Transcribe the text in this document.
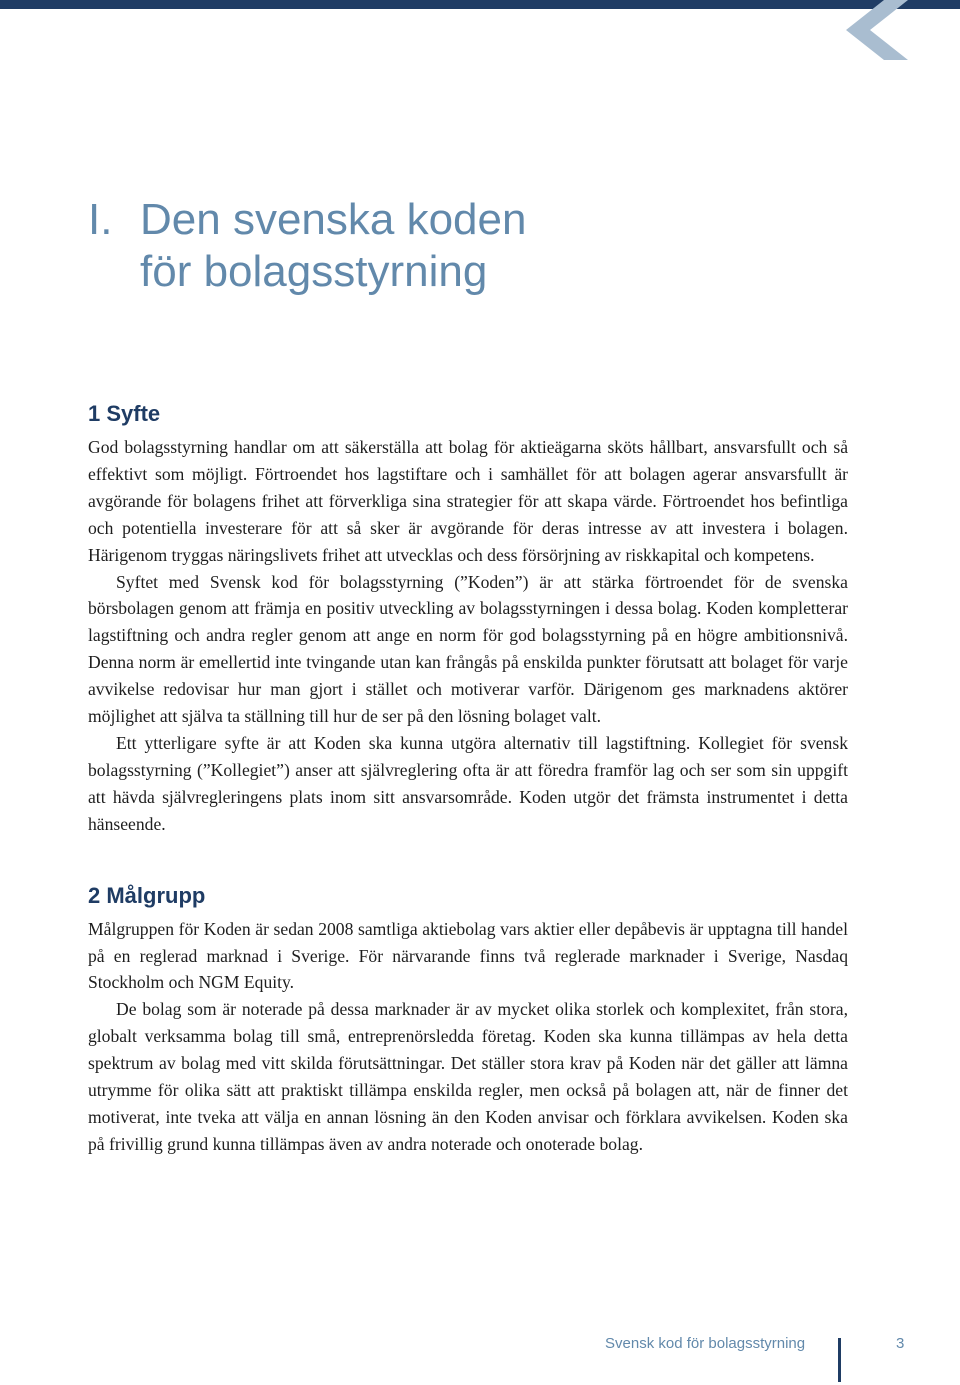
I. Den svenska koden
för bolagsstyrning
1 Syfte

God bolagsstyrning handlar om att säkerställa att bolag för aktieägarna sköts hållbart, ansvarsfullt och så effektivt som möjligt. Förtroendet hos lagstiftare och i samhället för att bolagen agerar ansvarsfullt är avgörande för bolagens frihet att förverkliga sina strategier för att skapa värde. Förtroendet hos befintliga och potentiella investerare för att så sker är avgörande för deras intresse av att investera i bolagen. Härigenom tryggas näringslivets frihet att utvecklas och dess försörjning av riskkapital och kompetens.

Syftet med Svensk kod för bolagsstyrning (”Koden”) är att stärka förtroendet för de svenska börsbolagen genom att främja en positiv utveckling av bolagsstyrningen i dessa bolag. Koden kompletterar lagstiftning och andra regler genom att ange en norm för god bolagsstyrning på en högre ambitionsnivå. Denna norm är emellertid inte tvingande utan kan frångås på enskilda punkter förutsatt att bolaget för varje avvikelse redovisar hur man gjort i stället och motiverar varför. Därigenom ges marknadens aktörer möjlighet att själva ta ställning till hur de ser på den lösning bolaget valt.

Ett ytterligare syfte är att Koden ska kunna utgöra alternativ till lagstiftning. Kollegiet för svensk bolagsstyrning (”Kollegiet”) anser att självreglering ofta är att föredra framför lag och ser som sin uppgift att hävda självregleringens plats inom sitt ansvarsområde. Koden utgör det främsta instrumentet i detta hänseende.

2 Målgrupp

Målgruppen för Koden är sedan 2008 samtliga aktiebolag vars aktier eller depåbevis är upptagna till handel på en reglerad marknad i Sverige. För närvarande finns två reglerade marknader i Sverige, Nasdaq Stockholm och NGM Equity.

De bolag som är noterade på dessa marknader är av mycket olika storlek och komplexitet, från stora, globalt verksamma bolag till små, entreprenörsledda företag. Koden ska kunna tillämpas av hela detta spektrum av bolag med vitt skilda förutsättningar. Det ställer stora krav på Koden när det gäller att lämna utrymme för olika sätt att praktiskt tillämpa enskilda regler, men också på bolagen att, när de finner det motiverat, inte tveka att välja en annan lösning än den Koden anvisar och förklara avvikelsen. Koden ska på frivillig grund kunna tillämpas även av andra noterade och onoterade bolag.

Svensk kod för bolagsstyrning	3
